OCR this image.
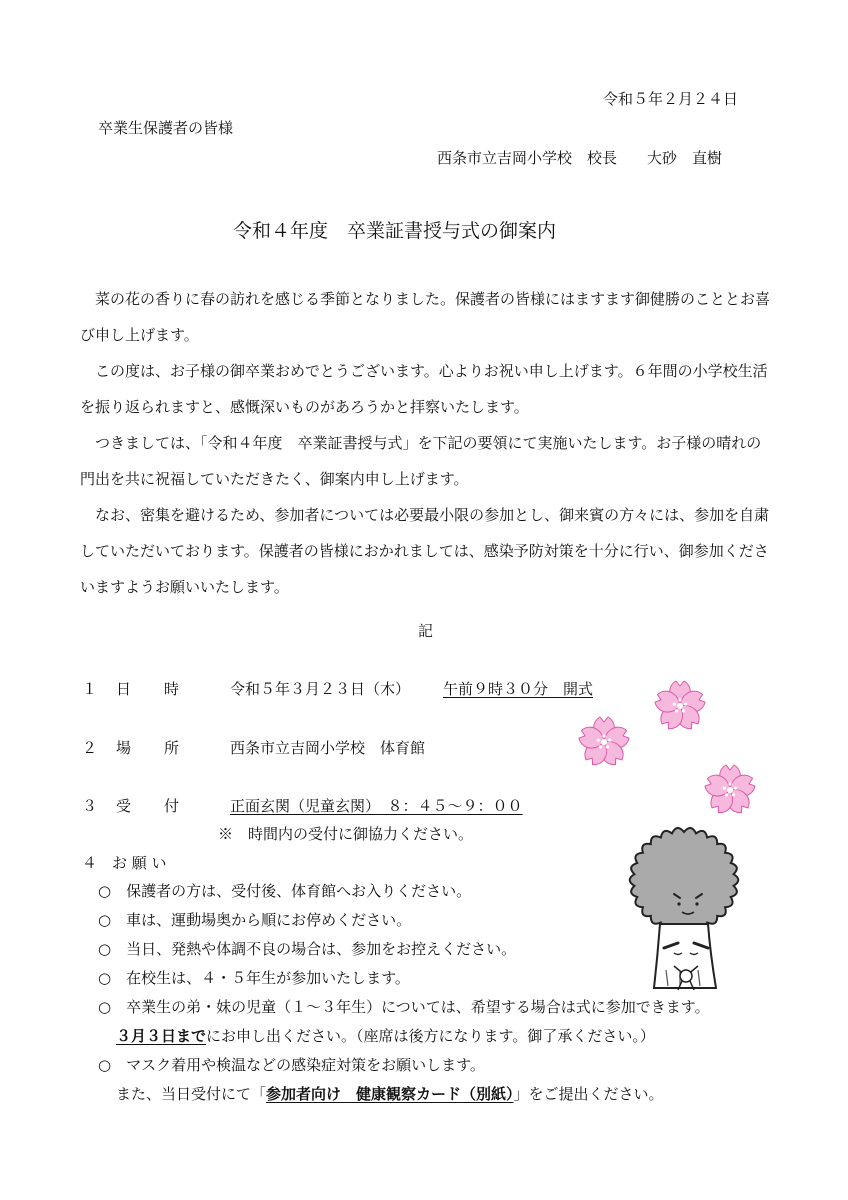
令和５年２月２４日
卒業生保護者の皆様
西条市立吉岡小学校　校長　　大砂　直樹
令和４年度　卒業証書授与式の御案内

菜の花の香りに春の訪れを感じる季節となりました。保護者の皆様にはますます御健勝のこととお喜び申し上げます。

この度は、お子様の御卒業おめでとうございます。心よりお祝い申し上げます。６年間の小学校生活を振り返られますと、感慨深いものがあろうかと拝察いたします。

つきましては、「令和４年度　卒業証書授与式」を下記の要領にて実施いたします。お子様の晴れの門出を共に祝福していただきたく、御案内申し上げます。

なお、密集を避けるため、参加者については必要最小限の参加とし、御来賓の方々には、参加を自粛していただいております。保護者の皆様におかれましては、感染予防対策を十分に行い、御参加くださいますようお願いいたします。

記
１ 日 時	令和５年３月２３日（木） 午前９時３０分　開式
２ 場 所	西条市立吉岡小学校　体育館
３ 受 付	正面玄関（児童玄関）　８：４５〜９：００
※　時間内の受付に御協力ください。
４　お 願 い
○　保護者の方は、受付後、体育館へお入りください。
○　車は、運動場奥から順にお停めください。
○　当日、発熱や体調不良の場合は、参加をお控えください。
○　在校生は、４・５年生が参加いたします。
○　卒業生の弟・妹の児童（１〜３年生）については、希望する場合は式に参加できます。
３月３日までにお申し出ください。（座席は後方になります。御了承ください。）
○　マスク着用や検温などの感染症対策をお願いします。
また、当日受付にて「参加者向け　健康観察カード（別紙）」をご提出ください。
